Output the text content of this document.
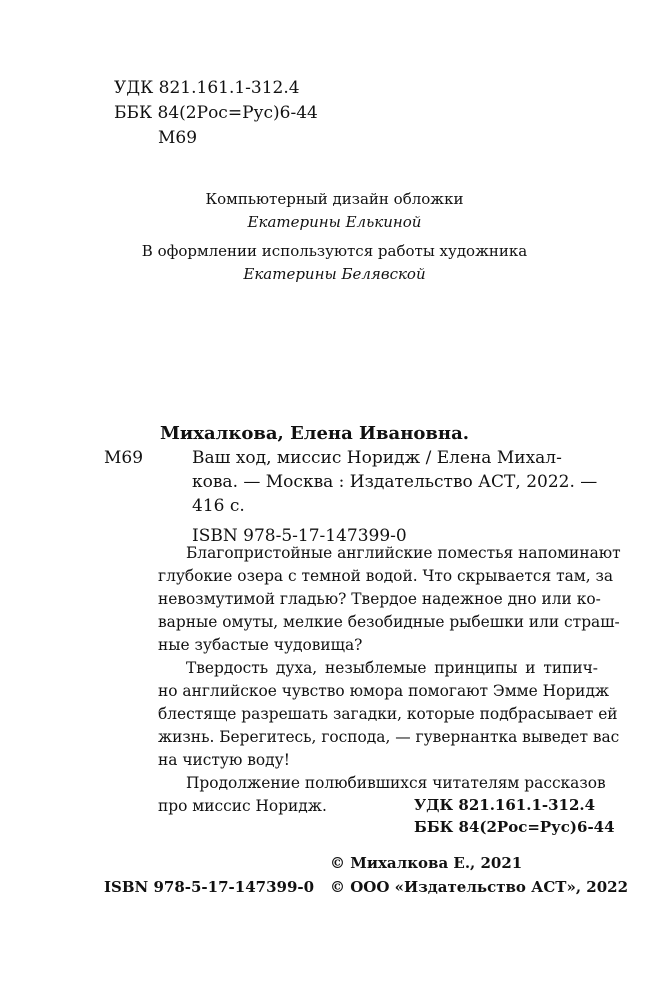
УДК 821.161.1-312.4
ББК 84(2Рос=Рус)6-44
М69
Компьютерный дизайн обложки
Екатерины Елькиной
В оформлении используются работы художника
Екатерины Белявской
М69
Михалкова, Елена Ивановна.
Ваш ход, миссис Норидж / Елена Михал-
кова. — Москва : Издательство АСТ, 2022. —
416 с.
ISBN 978-5-17-147399-0

Благопристойные английские поместья напоминают
глубокие озера с темной водой. Что скрывается там, за
невозмутимой гладью? Твердое надежное дно или ко-
варные омуты, мелкие безобидные рыбешки или страш-
ные зубастые чудовища?

Твердость духа, незыблемые принципы и типич-
но английское чувство юмора помогают Эмме Норидж
блестяще разрешать загадки, которые подбрасывает ей
жизнь. Берегитесь, господа, — гувернантка выведет вас
на чистую воду!

Продолжение полюбившихся читателям рассказов
про миссис Норидж.	УДК 821.161.1-312.4
ББК 84(2Рос=Рус)6-44
© Михалкова Е., 2021
ISBN 978-5-17-147399-0 © ООО «Издательство АСТ», 2022
